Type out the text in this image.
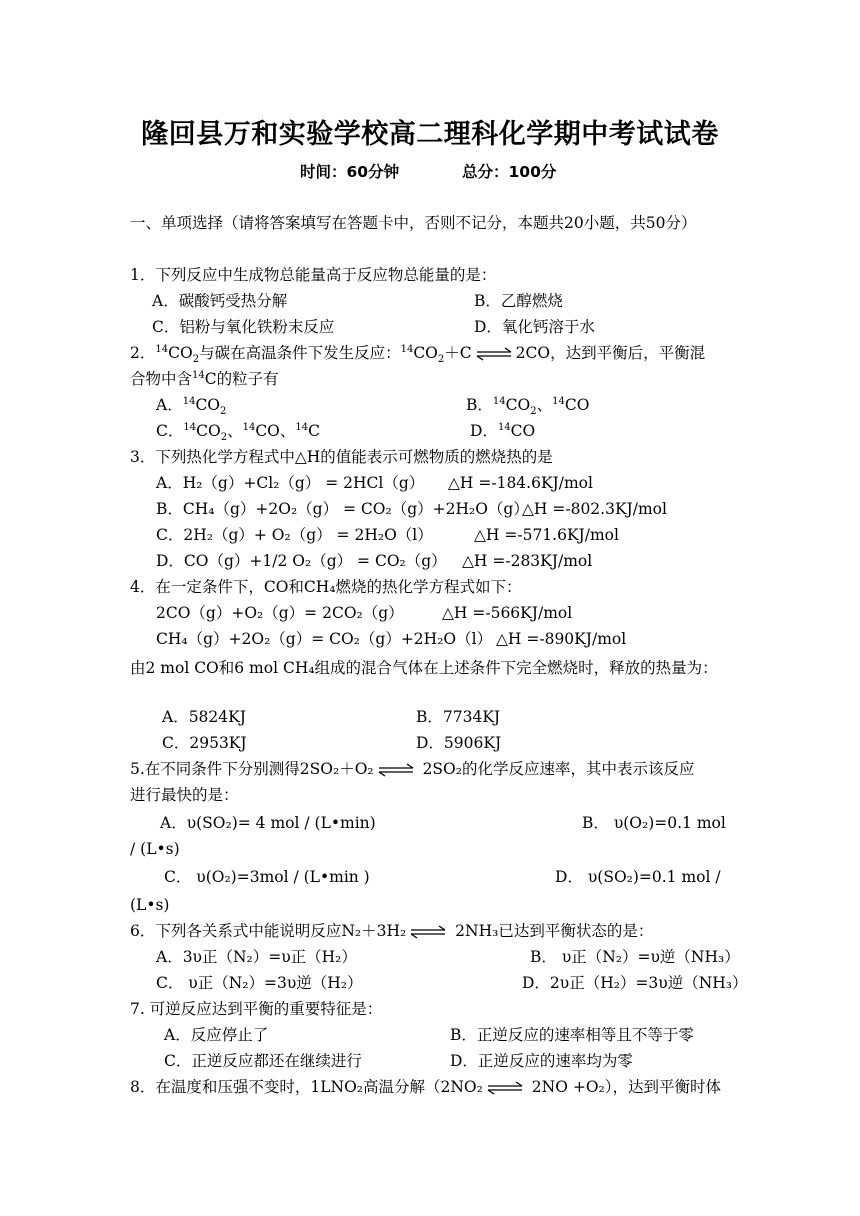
隆回县万和实验学校高二理科化学期中考试试卷
时间：60分钟	总分：100分
一、单项选择（请将答案填写在答题卡中，否则不记分，本题共20小题，共50分）
1．下列反应中生成物总能量高于反应物总能量的是：
A．碳酸钙受热分解	B．乙醇燃烧
C．铝粉与氧化铁粉末反应	D．氧化钙溶于水
2．$^{14}CO_2$与碳在高温条件下发生反应：$^{14}CO_2+C$ ⇌ 2CO，达到平衡后，平衡混
合物中含$^{14}$C的粒子有
A．$^{14}CO_2$	B．$^{14}CO_2$、$^{14}$CO
C．$^{14}CO_2$、$^{14}$CO、$^{14}$C	D．$^{14}$CO
3．下列热化学方程式中△H的值能表示可燃物质的燃烧热的是
A．H₂（g）+Cl₂（g） = 2HCl（g） △H =-184.6KJ/mol
B．CH₄（g）+2O₂（g） = CO₂（g）+2H₂O（g）
△H =-802.3KJ/mol
C．2H₂（g）+ O₂（g） = 2H₂O（l）	△H =-571.6KJ/mol
D．CO（g）+1/2 O₂（g） = CO₂（g） △H =-283KJ/mol
4．在一定条件下，CO和CH₄燃烧的热化学方程式如下：
2CO（g）+O₂（g）= 2CO₂（g） △H =-566KJ/mol
CH₄（g）+2O₂（g）= CO₂（g）+2H₂O（l） △H =-890KJ/mol
由2 mol CO和6 mol CH₄组成的混合气体在上述条件下完全燃烧时，释放的热量为：
A．5824KJ	B．7734KJ
C．2953KJ	D．5906KJ
5.在不同条件下分别测得2SO₂＋O₂ ⇌ 2SO₂的化学反应速率，其中表示该反应
进行最快的是：
A．υ(SO₂)= 4 mol / (L•min)	B． υ(O₂)=0.1 mol
/ (L•s)
C． υ(O₂)=3mol / (L•min )	D． υ(SO₂)=0.1 mol /
(L•s)
6．下列各关系式中能说明反应N₂＋3H₂ ⇌ 2NH₃已达到平衡状态的是：
A．3υ正（N₂）=υ正（H₂）	B． υ正（N₂）=υ逆（NH₃）
C． υ正（N₂）=3υ逆（H₂）	D．2υ正（H₂）=3υ逆（NH₃）
7. 可逆反应达到平衡的重要特征是：
A．反应停止了	B．正逆反应的速率相等且不等于零
C．正逆反应都还在继续进行	D．正逆反应的速率均为零
8．在温度和压强不变时，1LNO₂高温分解（2NO₂ ⇌ 2NO +O₂），达到平衡时体
